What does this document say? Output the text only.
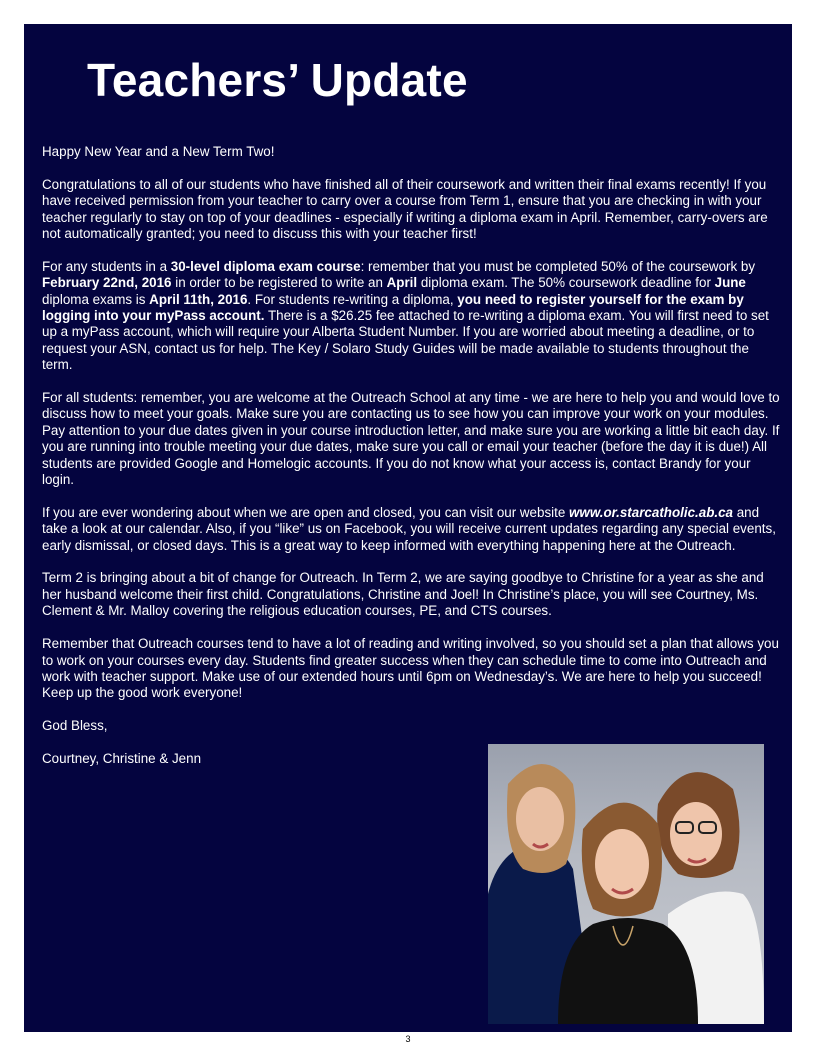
Teachers’ Update

Happy New Year and a New Term Two!

Congratulations to all of our students who have finished all of their coursework and written their final exams recently! If you have received permission from your teacher to carry over a course from Term 1, ensure that you are checking in with your teacher regularly to stay on top of your deadlines - especially if writing a diploma exam in April. Remember, carry-overs are not automatically granted; you need to discuss this with your teacher first!

For any students in a 30-level diploma exam course: remember that you must be completed 50% of the coursework by February 22nd, 2016 in order to be registered to write an April diploma exam. The 50% coursework deadline for June diploma exams is April 11th, 2016. For students re-writing a diploma, you need to register yourself for the exam by logging into your myPass account. There is a $26.25 fee attached to re-writing a diploma exam. You will first need to set up a myPass account, which will require your Alberta Student Number. If you are worried about meeting a deadline, or to request your ASN, contact us for help. The Key / Solaro Study Guides will be made available to students throughout the term.

For all students: remember, you are welcome at the Outreach School at any time - we are here to help you and would love to discuss how to meet your goals. Make sure you are contacting us to see how you can improve your work on your modules. Pay attention to your due dates given in your course introduction letter, and make sure you are working a little bit each day. If you are running into trouble meeting your due dates, make sure you call or email your teacher (before the day it is due!) All students are provided Google and Homelogic accounts. If you do not know what your access is, contact Brandy for your login.

If you are ever wondering about when we are open and closed, you can visit our website www.or.starcatholic.ab.ca and take a look at our calendar. Also, if you “like” us on Facebook, you will receive current updates regarding any special events, early dismissal, or closed days. This is a great way to keep informed with everything happening here at the Outreach.

Term 2 is bringing about a bit of change for Outreach. In Term 2, we are saying goodbye to Christine for a year as she and her husband welcome their first child. Congratulations, Christine and Joel! In Christine’s place, you will see Courtney, Ms. Clement & Mr. Malloy covering the religious education courses, PE, and CTS courses.

Remember that Outreach courses tend to have a lot of reading and writing involved, so you should set a plan that allows you to work on your courses every day. Students find greater success when they can schedule time to come into Outreach and work with teacher support. Make use of our extended hours until 6pm on Wednesday’s. We are here to help you succeed! Keep up the good work everyone!

God Bless,

Courtney, Christine & Jenn

3
